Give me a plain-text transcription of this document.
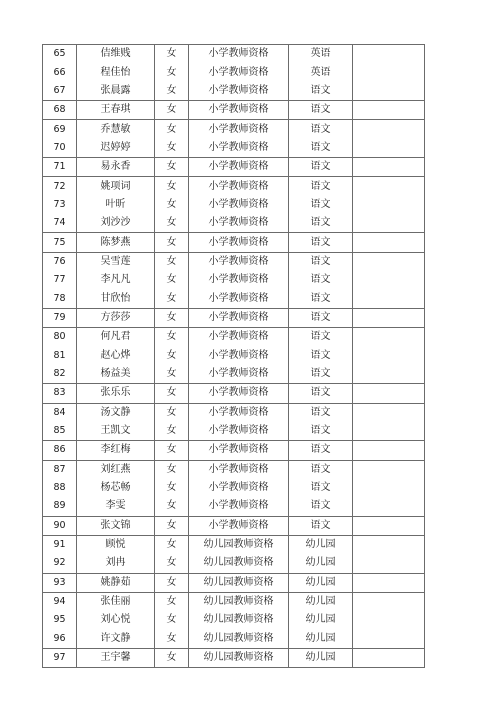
65	佶维贱	女	小学教师资格	英语	
66	程佳怡	女	小学教师资格	英语	
67	张晨露	女	小学教师资格	语文	
68	王春琪	女	小学教师资格	语文	
69	乔慧敏	女	小学教师资格	语文	
70	迟婷婷	女	小学教师资格	语文	
71	易永香	女	小学教师资格	语文	
72	姚项词	女	小学教师资格	语文	
73	叶昕	女	小学教师资格	语文	
74	刘沙沙	女	小学教师资格	语文	
75	陈梦燕	女	小学教师资格	语文	
76	吴雪莲	女	小学教师资格	语文	
77	李凡凡	女	小学教师资格	语文	
78	甘欣怡	女	小学教师资格	语文	
79	方莎莎	女	小学教师资格	语文	
80	何凡君	女	小学教师资格	语文	
81	赵心烨	女	小学教师资格	语文	
82	杨益美	女	小学教师资格	语文	
83	张乐乐	女	小学教师资格	语文	
84	汤文静	女	小学教师资格	语文	
85	王凯文	女	小学教师资格	语文	
86	李红梅	女	小学教师资格	语文	
87	刘红燕	女	小学教师资格	语文	
88	杨芯畅	女	小学教师资格	语文	
89	李雯	女	小学教师资格	语文	
90	张文锦	女	小学教师资格	语文	
91	顾悦	女	幼儿园教师资格	幼儿园	
92	刘冉	女	幼儿园教师资格	幼儿园	
93	姚静茹	女	幼儿园教师资格	幼儿园	
94	张佳丽	女	幼儿园教师资格	幼儿园	
95	刘心悦	女	幼儿园教师资格	幼儿园	
96	许文静	女	幼儿园教师资格	幼儿园	
97	王宇馨	女	幼儿园教师资格	幼儿园	
